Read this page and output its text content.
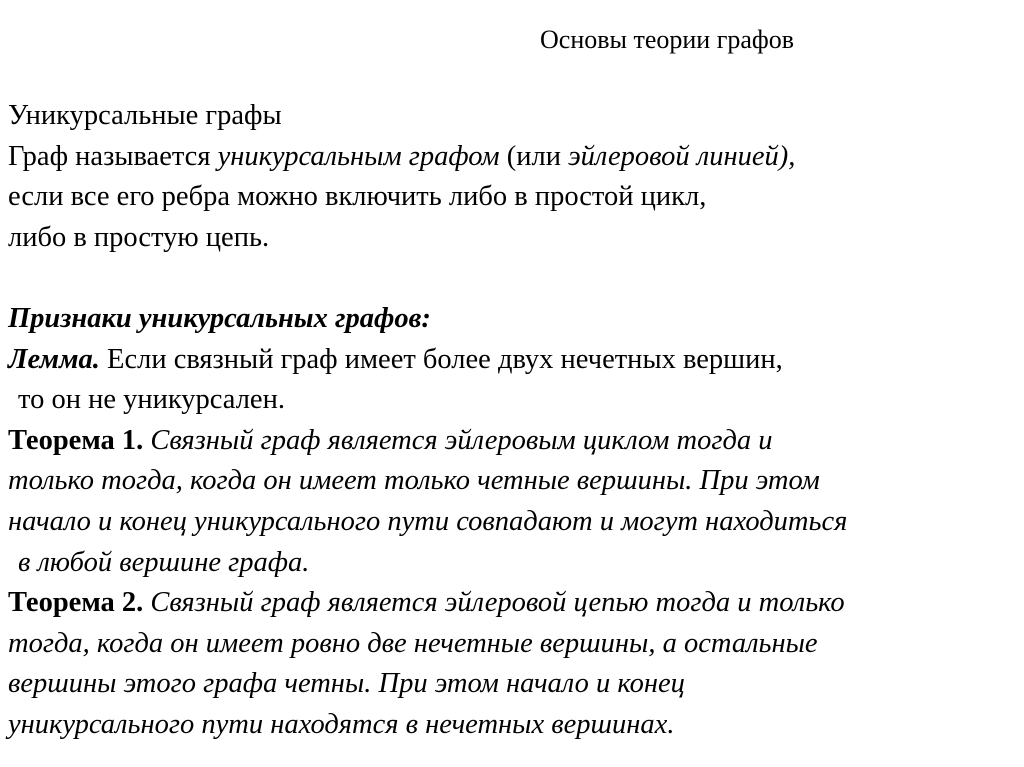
Основы теории графов
Уникурсальные графы
Граф называется уникурсальным графом (или эйлеровой линией),
если все его ребра можно включить либо в простой цикл,
либо в простую цепь.
Признаки уникурсальных графов:
Лемма. Если связный граф имеет более двух нечетных вершин,
то он не уникурсален.
Теорема 1. Связный граф является эйлеровым циклом тогда и
только тогда, когда он имеет только четные вершины. При этом
начало и конец уникурсального пути совпадают и могут находиться
в любой вершине графа.
Теорема 2. Связный граф является эйлеровой цепью тогда и только
тогда, когда он имеет ровно две нечетные вершины, а остальные
вершины этого графа четны. При этом начало и конец
уникурсального пути находятся в нечетных вершинах.
